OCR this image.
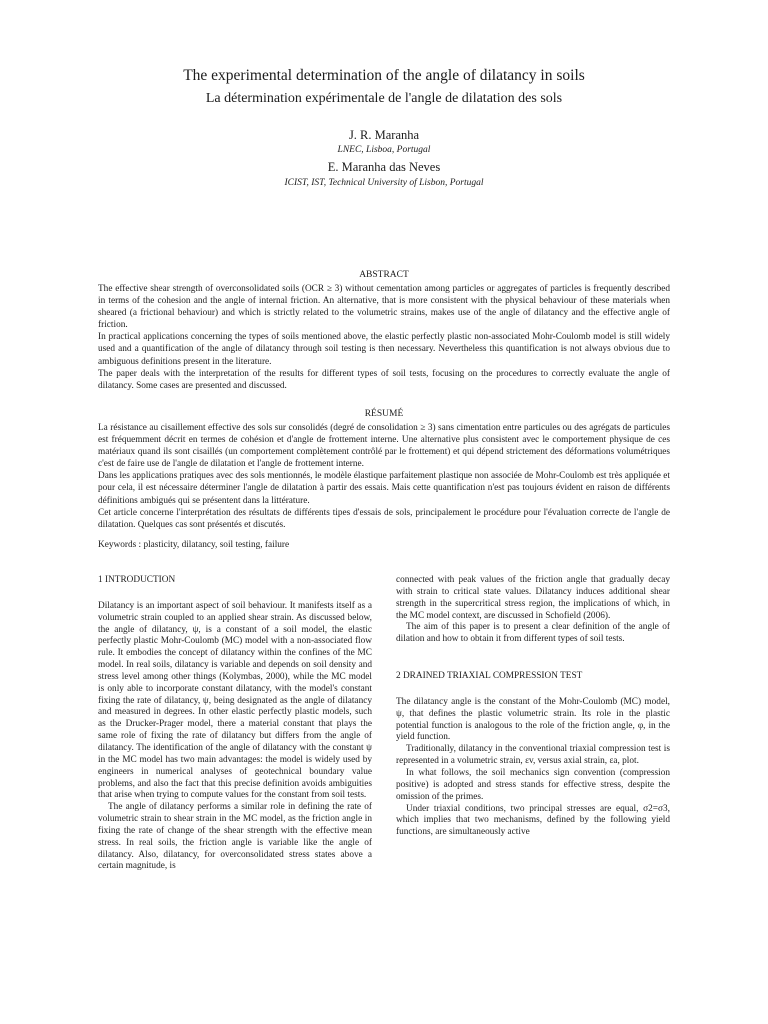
The experimental determination of the angle of dilatancy in soils
La détermination expérimentale de l'angle de dilatation des sols

J. R. Maranha

LNEC, Lisboa, Portugal

E. Maranha das Neves

ICIST, IST, Technical University of Lisbon, Portugal

ABSTRACT

The effective shear strength of overconsolidated soils (OCR ≥ 3) without cementation among particles or aggregates of particles is frequently described in terms of the cohesion and the angle of internal friction. An alternative, that is more consistent with the physical behaviour of these materials when sheared (a frictional behaviour) and which is strictly related to the volumetric strains, makes use of the angle of dilatancy and the effective angle of friction.

In practical applications concerning the types of soils mentioned above, the elastic perfectly plastic non-associated Mohr-Coulomb model is still widely used and a quantification of the angle of dilatancy through soil testing is then necessary. Nevertheless this quantification is not always obvious due to ambiguous definitions present in the literature.

The paper deals with the interpretation of the results for different types of soil tests, focusing on the procedures to correctly evaluate the angle of dilatancy. Some cases are presented and discussed.

RÉSUMÉ

La résistance au cisaillement effective des sols sur consolidés (degré de consolidation ≥ 3) sans cimentation entre particules ou des agrégats de particules est fréquemment décrit en termes de cohésion et d'angle de frottement interne. Une alternative plus consistent avec le comportement physique de ces matériaux quand ils sont cisaillés (un comportement complètement contrôlé par le frottement) et qui dépend strictement des déformations volumétriques c'est de faire use de l'angle de dilatation et l'angle de frottement interne.

Dans les applications pratiques avec des sols mentionnés, le modèle élastique parfaitement plastique non associée de Mohr-Coulomb est très appliquée et pour cela, il est nécessaire déterminer l'angle de dilatation à partir des essais. Mais cette quantification n'est pas toujours évident en raison de différents définitions ambigués qui se présentent dans la littérature.

Cet article concerne l'interprétation des résultats de différents tipes d'essais de sols, principalement le procédure pour l'évaluation correcte de l'angle de dilatation. Quelques cas sont présentés et discutés.

Keywords : plasticity, dilatancy, soil testing, failure

1 INTRODUCTION

Dilatancy is an important aspect of soil behaviour. It manifests itself as a volumetric strain coupled to an applied shear strain. As discussed below, the angle of dilatancy, ψ, is a constant of a soil model, the elastic perfectly plastic Mohr-Coulomb (MC) model with a non-associated flow rule. It embodies the concept of dilatancy within the confines of the MC model. In real soils, dilatancy is variable and depends on soil density and stress level among other things (Kolymbas, 2000), while the MC model is only able to incorporate constant dilatancy, with the model's constant fixing the rate of dilatancy, ψ, being designated as the angle of dilatancy and measured in degrees. In other elastic perfectly plastic models, such as the Drucker-Prager model, there a material constant that plays the same role of fixing the rate of dilatancy but differs from the angle of dilatancy. The identification of the angle of dilatancy with the constant ψ in the MC model has two main advantages: the model is widely used by engineers in numerical analyses of geotechnical boundary value problems, and also the fact that this precise definition avoids ambiguities that arise when trying to compute values for the constant from soil tests.

The angle of dilatancy performs a similar role in defining the rate of volumetric strain to shear strain in the MC model, as the friction angle in fixing the rate of change of the shear strength with the effective mean stress. In real soils, the friction angle is variable like the angle of dilatancy. Also, dilatancy, for overconsolidated stress states above a certain magnitude, is

connected with peak values of the friction angle that gradually decay with strain to critical state values. Dilatancy induces additional shear strength in the supercritical stress region, the implications of which, in the MC model context, are discussed in Schofield (2006).

The aim of this paper is to present a clear definition of the angle of dilation and how to obtain it from different types of soil tests.

2 DRAINED TRIAXIAL COMPRESSION TEST

The dilatancy angle is the constant of the Mohr-Coulomb (MC) model, ψ, that defines the plastic volumetric strain. Its role in the plastic potential function is analogous to the role of the friction angle, φ, in the yield function.

Traditionally, dilatancy in the conventional triaxial compression test is represented in a volumetric strain, εv, versus axial strain, εa, plot.

In what follows, the soil mechanics sign convention (compression positive) is adopted and stress stands for effective stress, despite the omission of the primes.

Under triaxial conditions, two principal stresses are equal, σ2=σ3, which implies that two mechanisms, defined by the following yield functions, are simultaneously active
